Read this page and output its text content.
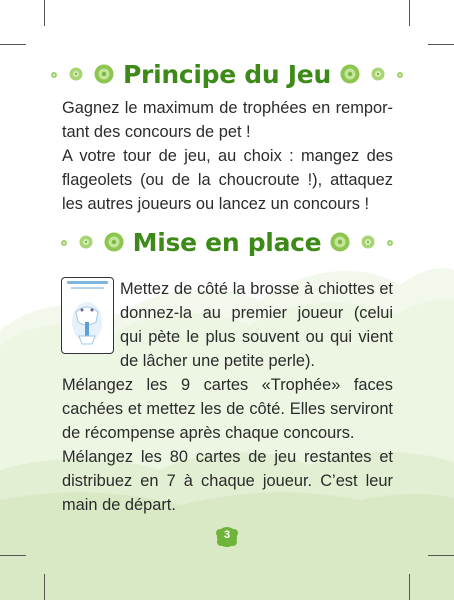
Principe du Jeu

Gagnez le maximum de trophées en rempor-
tant des concours de pet !
A votre tour de jeu, au choix : mangez des
flageolets (ou de la choucroute !), attaquez
les autres joueurs ou lancez un concours !

Mise en place

Mettez de côté la brosse à chiottes et
donnez-la au premier joueur (celui
qui pète le plus souvent ou qui vient
de lâcher une petite perle).

Mélangez les 9 cartes «Trophée» faces
cachées et mettez les de côté. Elles serviront
de récompense après chaque concours.
Mélangez les 80 cartes de jeu restantes et
distribuez en 7 à chaque joueur. C’est leur
main de départ.

3
